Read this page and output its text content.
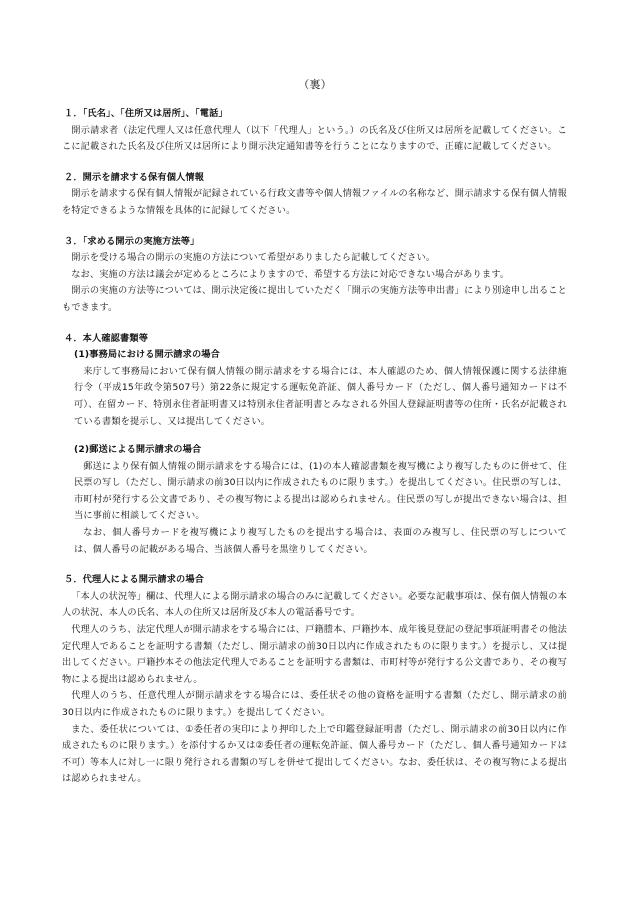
（裏）
１．「氏名」、「住所又は居所」、「電話」

開示請求者（法定代理人又は任意代理人（以下「代理人」という。）の氏名及び住所又は居所を記載してください。ここに記載された氏名及び住所又は居所により開示決定通知書等を行うことになりますので、正確に記載してください。

２．開示を請求する保有個人情報

開示を請求する保有個人情報が記録されている行政文書等や個人情報ファイルの名称など、開示請求する保有個人情報を特定できるような情報を具体的に記録してください。

３．「求める開示の実施方法等」

開示を受ける場合の開示の実施の方法について希望がありましたら記載してください。

なお、実施の方法は議会が定めるところによりますので、希望する方法に対応できない場合があります。

開示の実施の方法等については、開示決定後に提出していただく「開示の実施方法等申出書」により別途申し出ることもできます。

４．本人確認書類等
(1)事務局における開示請求の場合

来庁して事務局において保有個人情報の開示請求をする場合には、本人確認のため、個人情報保護に関する法律施行令（平成15年政令第507号）第22条に規定する運転免許証、個人番号カード（ただし、個人番号通知カードは不可）、在留カード、特別永住者証明書又は特別永住者証明書とみなされる外国人登録証明書等の住所・氏名が記載されている書類を提示し、又は提出してください。

(2)郵送による開示請求の場合

郵送により保有個人情報の開示請求をする場合には、(1)の本人確認書類を複写機により複写したものに併せて、住民票の写し（ただし、開示請求の前30日以内に作成されたものに限ります。）を提出してください。住民票の写しは、市町村が発行する公文書であり、その複写物による提出は認められません。住民票の写しが提出できない場合は、担当に事前に相談してください。

なお、個人番号カードを複写機により複写したものを提出する場合は、表面のみ複写し、住民票の写しについては、個人番号の記載がある場合、当該個人番号を黒塗りしてください。

５．代理人による開示請求の場合

「本人の状況等」欄は、代理人による開示請求の場合のみに記載してください。必要な記載事項は、保有個人情報の本人の状況、本人の氏名、本人の住所又は居所及び本人の電話番号です。

代理人のうち、法定代理人が開示請求をする場合には、戸籍謄本、戸籍抄本、成年後見登記の登記事項証明書その他法定代理人であることを証明する書類（ただし、開示請求の前30日以内に作成されたものに限ります。）を提示し、又は提出してください。戸籍抄本その他法定代理人であることを証明する書類は、市町村等が発行する公文書であり、その複写物による提出は認められません。

代理人のうち、任意代理人が開示請求をする場合には、委任状その他の資格を証明する書類（ただし、開示請求の前30日以内に作成されたものに限ります。）を提出してください。

また、委任状については、①委任者の実印により押印した上で印鑑登録証明書（ただし、開示請求の前30日以内に作成されたものに限ります。）を添付するか又は②委任者の運転免許証、個人番号カード（ただし、個人番号通知カードは不可）等本人に対し一に限り発行される書類の写しを併せて提出してください。なお、委任状は、その複写物による提出は認められません。
